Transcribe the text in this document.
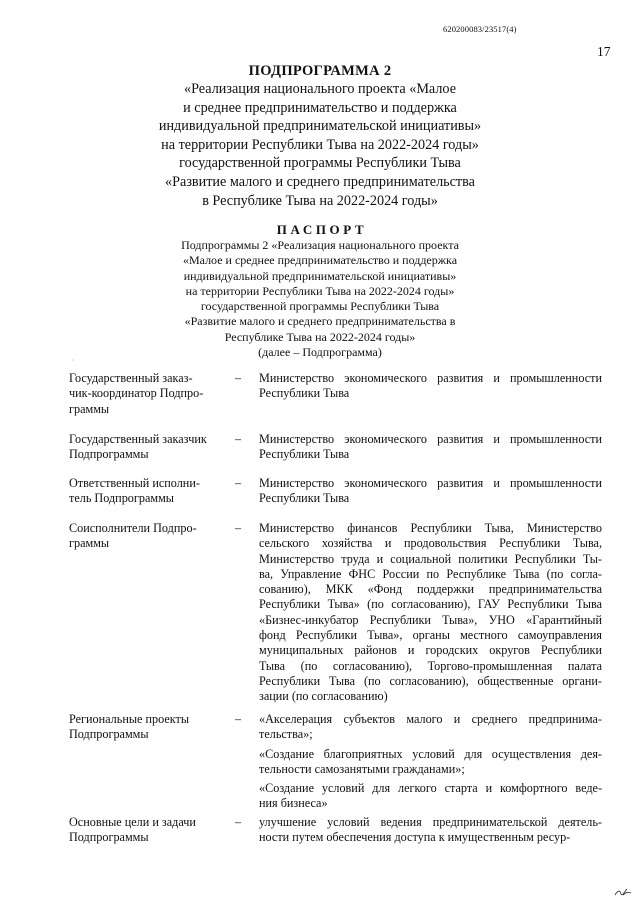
620200083/23517(4)
17
ПОДПРОГРАММА 2
«Реализация национального проекта «Малое
и среднее предпринимательство и поддержка
индивидуальной предпринимательской инициативы»
на территории Республики Тыва на 2022-2024 годы»
государственной программы Республики Тыва
«Развитие малого и среднего предпринимательства
в Республике Тыва на 2022-2024 годы»
ПАСПОРТ
Подпрограммы 2 «Реализация национального проекта
«Малое и среднее предпринимательство и поддержка
индивидуальной предпринимательской инициативы»
на территории Республики Тыва на 2022-2024 годы»
государственной программы Республики Тыва
«Развитие малого и среднего предпринимательства в
Республике Тыва на 2022-2024 годы»
(далее – Подпрограмма)
·
Государственный заказ-
чик-координатор Подпро-
граммы
– Министерство экономического развития и промышленности
Республики Тыва
Государственный заказчик
Подпрограммы
– Министерство экономического развития и промышленности
Республики Тыва
Ответственный исполни-
тель Подпрограммы
– Министерство экономического развития и промышленности
Республики Тыва
Соисполнители Подпро-
граммы
– Министерство финансов Республики Тыва, Министерство
сельского хозяйства и продовольствия Республики Тыва,
Министерство труда и социальной политики Республики Ты-
ва, Управление ФНС России по Республике Тыва (по согла-
сованию), МКК «Фонд поддержки предпринимательства
Республики Тыва» (по согласованию), ГАУ Республики Тыва
«Бизнес-инкубатор Республики Тыва», УНО «Гарантийный
фонд Республики Тыва», органы местного самоуправления
муниципальных районов и городских округов Республики
Тыва (по согласованию), Торгово-промышленная палата
Республики Тыва (по согласованию), общественные органи-
зации (по согласованию)
Региональные проекты
Подпрограммы
– «Акселерация субъектов малого и среднего предпринима-
тельства»;
«Создание благоприятных условий для осуществления дея-
тельности самозанятыми гражданами»;
«Создание условий для легкого старта и комфортного веде-
ния бизнеса»
Основные цели и задачи
Подпрограммы
– улучшение условий ведения предпринимательской деятель-
ности путем обеспечения доступа к имущественным ресур-
